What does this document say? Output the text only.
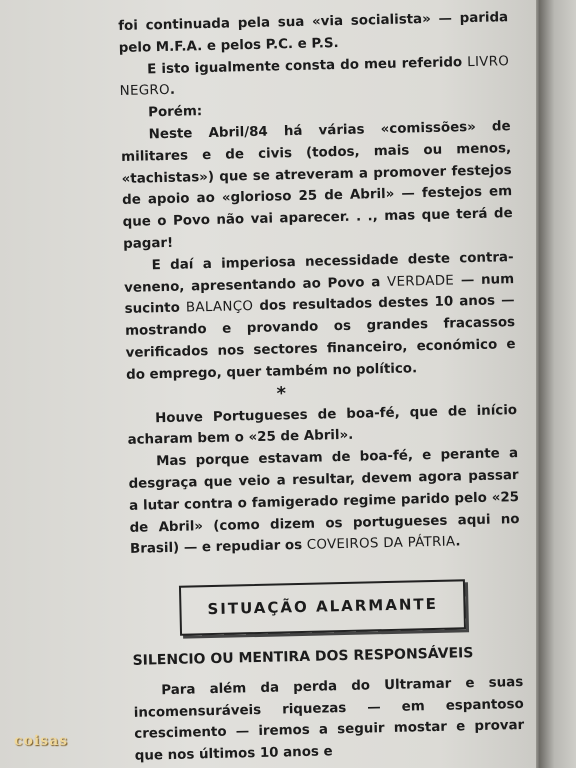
foi continuada pela sua «via socialista» — parida pelo M.F.A. e pelos P.C. e P.S.

E isto igualmente consta do meu referido LIVRO NEGRO.

Porém:

Neste Abril/84 há várias «comissões» de militares e de civis (todos, mais ou menos, «tachistas») que se atreveram a promover festejos de apoio ao «glorioso 25 de Abril» — festejos em que o Povo não vai aparecer. . ., mas que terá de pagar!

E daí a imperiosa necessidade deste contra-veneno, apresentando ao Povo a VERDADE — num sucinto BALANÇO dos resultados destes 10 anos — mostrando e provando os grandes fracassos verificados nos sectores financeiro, económico e do emprego, quer também no político.

*

Houve Portugueses de boa-fé, que de início acharam bem o «25 de Abril».

Mas porque estavam de boa-fé, e perante a desgraça que veio a resultar, devem agora passar a lutar contra o famigerado regime parido pelo «25 de Abril» (como dizem os portugueses aqui no Brasil) — e repudiar os COVEIROS DA PÁTRIA.

SITUAÇÃO ALARMANTE

SILENCIO OU MENTIRA DOS RESPONSÁVEIS

Para além da perda do Ultramar e suas incomensuráveis riquezas — em espantoso crescimento — iremos a seguir mostar e provar que nos últimos 10 anos e

coisas
